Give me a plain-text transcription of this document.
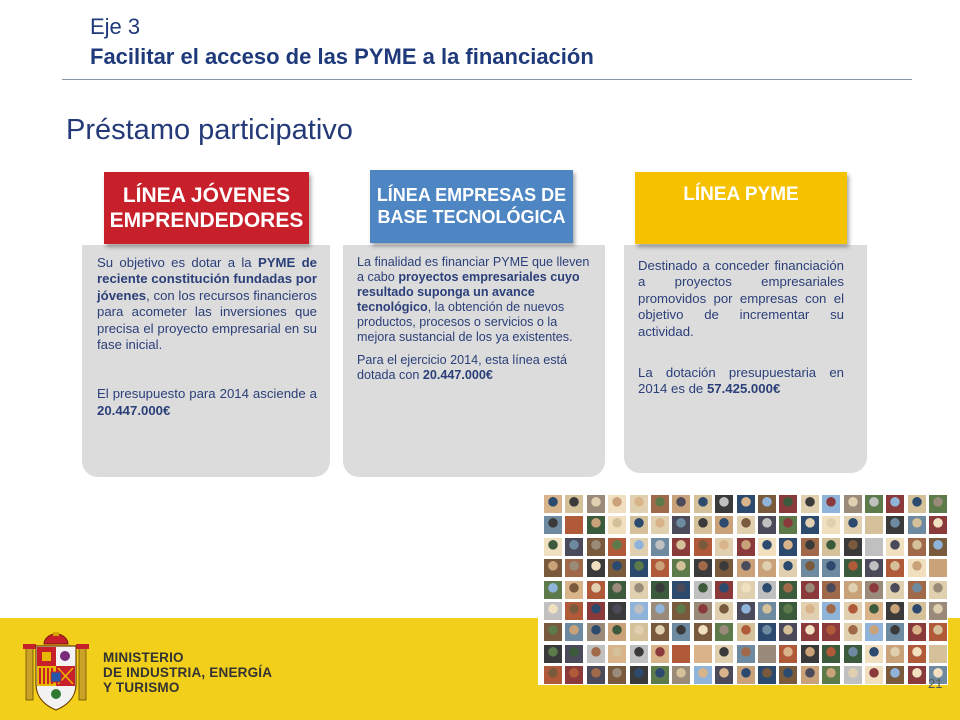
Eje 3
Facilitar el acceso de las PYME a la financiación
Préstamo participativo
LÍNEA JÓVENES
EMPRENDEDORES
LÍNEA EMPRESAS DE
BASE TECNOLÓGICA
LÍNEA PYME

Su objetivo es dotar a la PYME de reciente constitución fundadas por jóvenes, con los recursos financieros para acometer las inversiones que precisa el proyecto empresarial en su fase inicial.

El presupuesto para 2014 asciende a 20.447.000€

La finalidad es financiar PYME que lleven a cabo proyectos empresariales cuyo resultado suponga un avance tecnológico, la obtención de nuevos productos, procesos o servicios o la mejora sustancial de los ya existentes.

Para el ejercicio 2014, esta línea está dotada con 20.447.000€

Destinado a conceder financiación a proyectos empresariales promovidos por empresas con el objetivo de incrementar su actividad.

La dotación presupuestaria en 2014 es de 57.425.000€

MINISTERIO
DE INDUSTRIA, ENERGÍA
Y TURISMO	21
